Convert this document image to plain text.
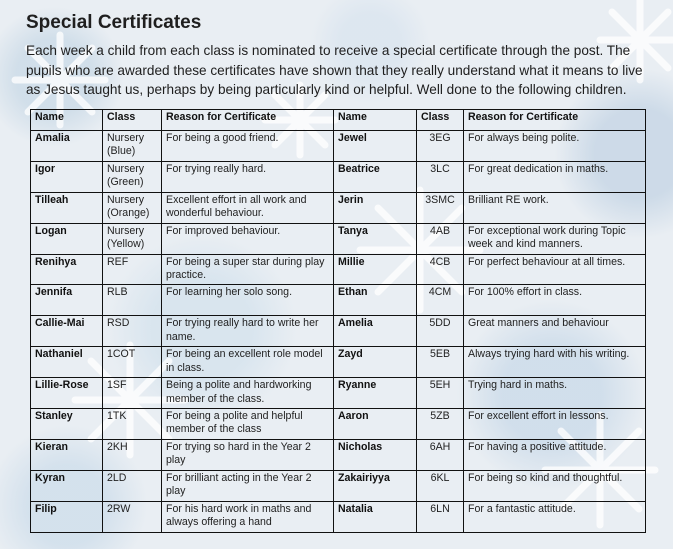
Special Certificates

Each week a child from each class is nominated to receive a special certificate through the post. The pupils who are awarded these certificates have shown that they really understand what it means to live as Jesus taught us, perhaps by being particularly kind or helpful. Well done to the following children.

Name	Class	Reason for Certificate	Name	Class	Reason for Certificate
Amalia	Nursery (Blue)	For being a good friend.	Jewel	3EG	For always being polite.
Igor	Nursery (Green)	For trying really hard.	Beatrice	3LC	For great dedication in maths.
Tilleah	Nursery (Orange)	Excellent effort in all work and wonderful behaviour.	Jerin	3SMC	Brilliant RE work.
Logan	Nursery (Yellow)	For improved behaviour.	Tanya	4AB	For exceptional work during Topic week and kind manners.
Renihya	REF	For being a super star during play practice.	Millie	4CB	For perfect behaviour at all times.
Jennifa	RLB	For learning her solo song.	Ethan	4CM	For 100% effort in class.
Callie-Mai	RSD	For trying really hard to write her name.	Amelia	5DD	Great manners and behaviour
Nathaniel	1COT	For being an excellent role model in class.	Zayd	5EB	Always trying hard with his writing.
Lillie-Rose	1SF	Being a polite and hardworking member of the class.	Ryanne	5EH	Trying hard in maths.
Stanley	1TK	For being a polite and helpful member of the class	Aaron	5ZB	For excellent effort in lessons.
Kieran	2KH	For trying so hard in the Year 2 play	Nicholas	6AH	For having a positive attitude.
Kyran	2LD	For brilliant acting in the Year 2 play	Zakairiyya	6KL	For being so kind and thoughtful.
Filip	2RW	For his hard work in maths and always offering a hand	Natalia	6LN	For a fantastic attitude.
